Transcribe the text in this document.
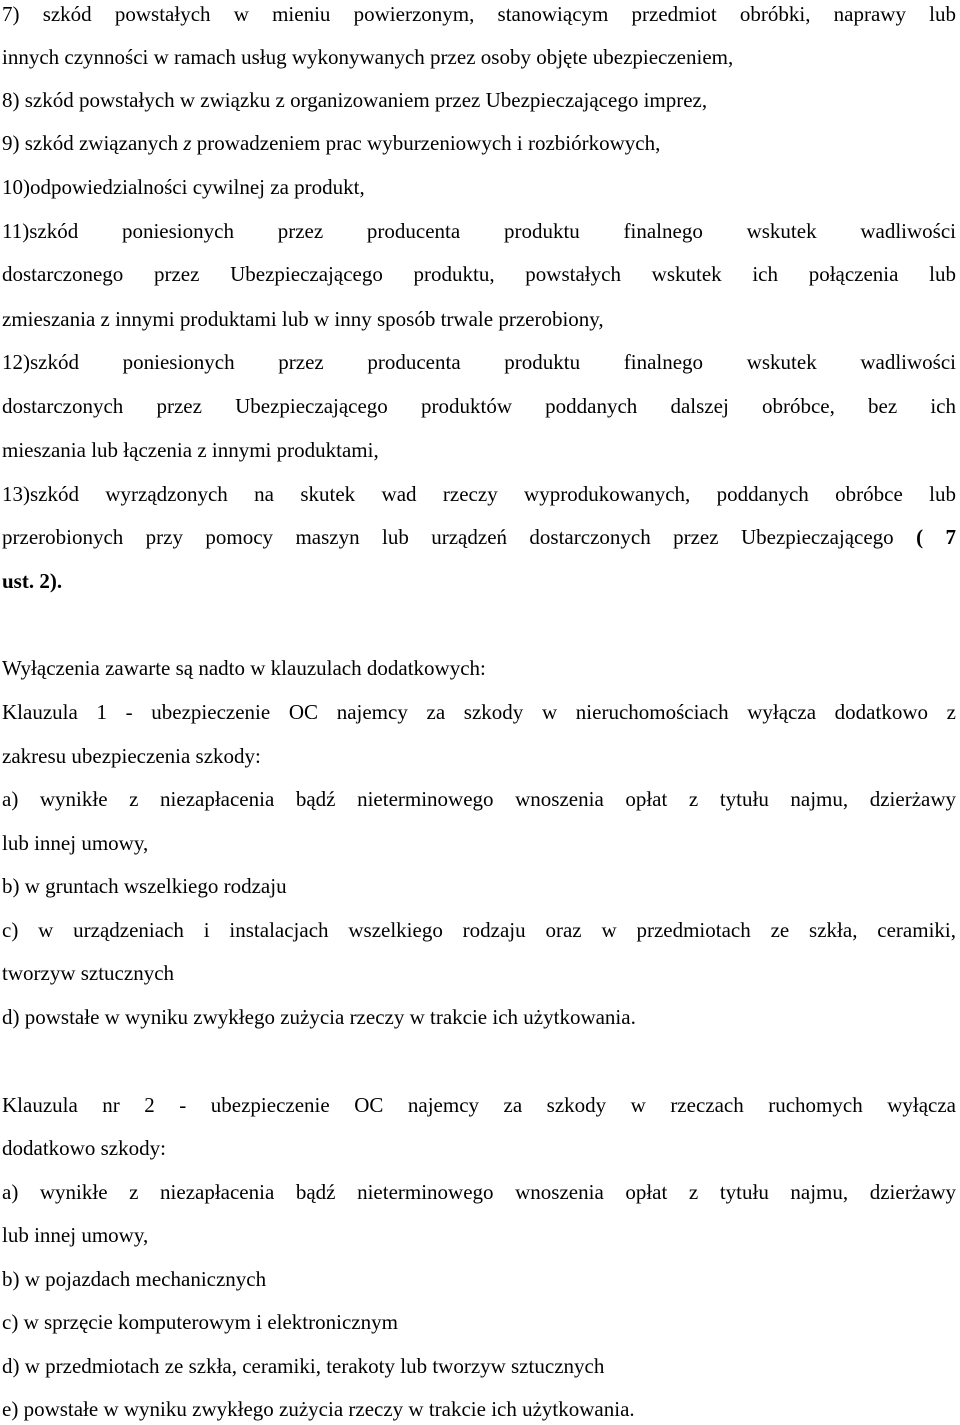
7) szkód powstałych w mieniu powierzonym, stanowiącym przedmiot obróbki, naprawy lub
innych czynności w ramach usług wykonywanych przez osoby objęte ubezpieczeniem,
8) szkód powstałych w związku z organizowaniem przez Ubezpieczającego imprez,
9) szkód związanych z prowadzeniem prac wyburzeniowych i rozbiórkowych,
10)odpowiedzialności cywilnej za produkt,
11)szkód poniesionych przez producenta produktu finalnego wskutek wadliwości
dostarczonego przez Ubezpieczającego produktu, powstałych wskutek ich połączenia lub
zmieszania z innymi produktami lub w inny sposób trwale przerobiony,
12)szkód poniesionych przez producenta produktu finalnego wskutek wadliwości
dostarczonych przez Ubezpieczającego produktów poddanych dalszej obróbce, bez ich
mieszania lub łączenia z innymi produktami,
13)szkód wyrządzonych na skutek wad rzeczy wyprodukowanych, poddanych obróbce lub
przerobionych przy pomocy maszyn lub urządzeń dostarczonych przez Ubezpieczającego ( 7
ust. 2).
Wyłączenia zawarte są nadto w klauzulach dodatkowych:
Klauzula 1 - ubezpieczenie OC najemcy za szkody w nieruchomościach wyłącza dodatkowo z
zakresu ubezpieczenia szkody:
a) wynikłe z niezapłacenia bądź nieterminowego wnoszenia opłat z tytułu najmu, dzierżawy
lub innej umowy,
b) w gruntach wszelkiego rodzaju
c) w urządzeniach i instalacjach wszelkiego rodzaju oraz w przedmiotach ze szkła, ceramiki,
tworzyw sztucznych
d) powstałe w wyniku zwykłego zużycia rzeczy w trakcie ich użytkowania.
Klauzula nr 2 - ubezpieczenie OC najemcy za szkody w rzeczach ruchomych wyłącza
dodatkowo szkody:
a) wynikłe z niezapłacenia bądź nieterminowego wnoszenia opłat z tytułu najmu, dzierżawy
lub innej umowy,
b) w pojazdach mechanicznych
c) w sprzęcie komputerowym i elektronicznym
d) w przedmiotach ze szkła, ceramiki, terakoty lub tworzyw sztucznych
e) powstałe w wyniku zwykłego zużycia rzeczy w trakcie ich użytkowania.
